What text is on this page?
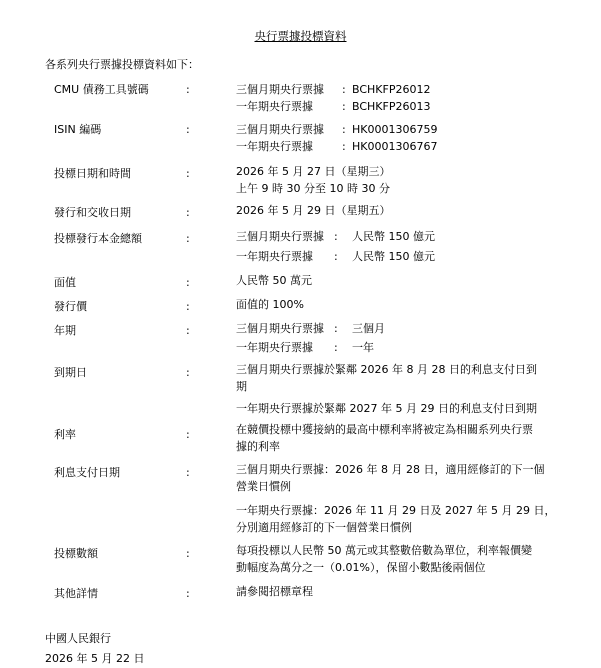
央行票據投標資料
各系列央行票據投標資料如下：
CMU 債務工具號碼	:	三個月期央行票據	: BCHKFP26012
一年期央行票據	: BCHKFP26013
ISIN 編碼	:	三個月期央行票據	: HK0001306759
一年期央行票據	: HK0001306767
投標日期和時間	:	2026 年 5 月 27 日（星期三）
上午 9 時 30 分至 10 時 30 分
發行和交收日期	:	2026 年 5 月 29 日（星期五）
投標發行本金總額	:	三個月期央行票據 : 人民幣 150 億元
一年期央行票據	: 人民幣 150 億元
面值	:	人民幣 50 萬元
發行價	:	面值的 100%
年期	:	三個月期央行票據 : 三個月
一年期央行票據	: 一年
到期日	:	三個月期央行票據於緊鄰 2026 年 8 月 28 日的利息支付日到
期
一年期央行票據於緊鄰 2027 年 5 月 29 日的利息支付日到期
利率	:	在競價投標中獲接納的最高中標利率將被定為相關系列央行票
據的利率
利息支付日期	:	三個月期央行票據：2026 年 8 月 28 日，適用經修訂的下一個
營業日慣例
一年期央行票據：2026 年 11 月 29 日及 2027 年 5 月 29 日，
分別適用經修訂的下一個營業日慣例
投標數額	:	每項投標以人民幣 50 萬元或其整數倍數為單位，利率報價變
動幅度為萬分之一（0.01%），保留小數點後兩個位
其他詳情	:	請參閱招標章程
中國人民銀行
2026 年 5 月 22 日
